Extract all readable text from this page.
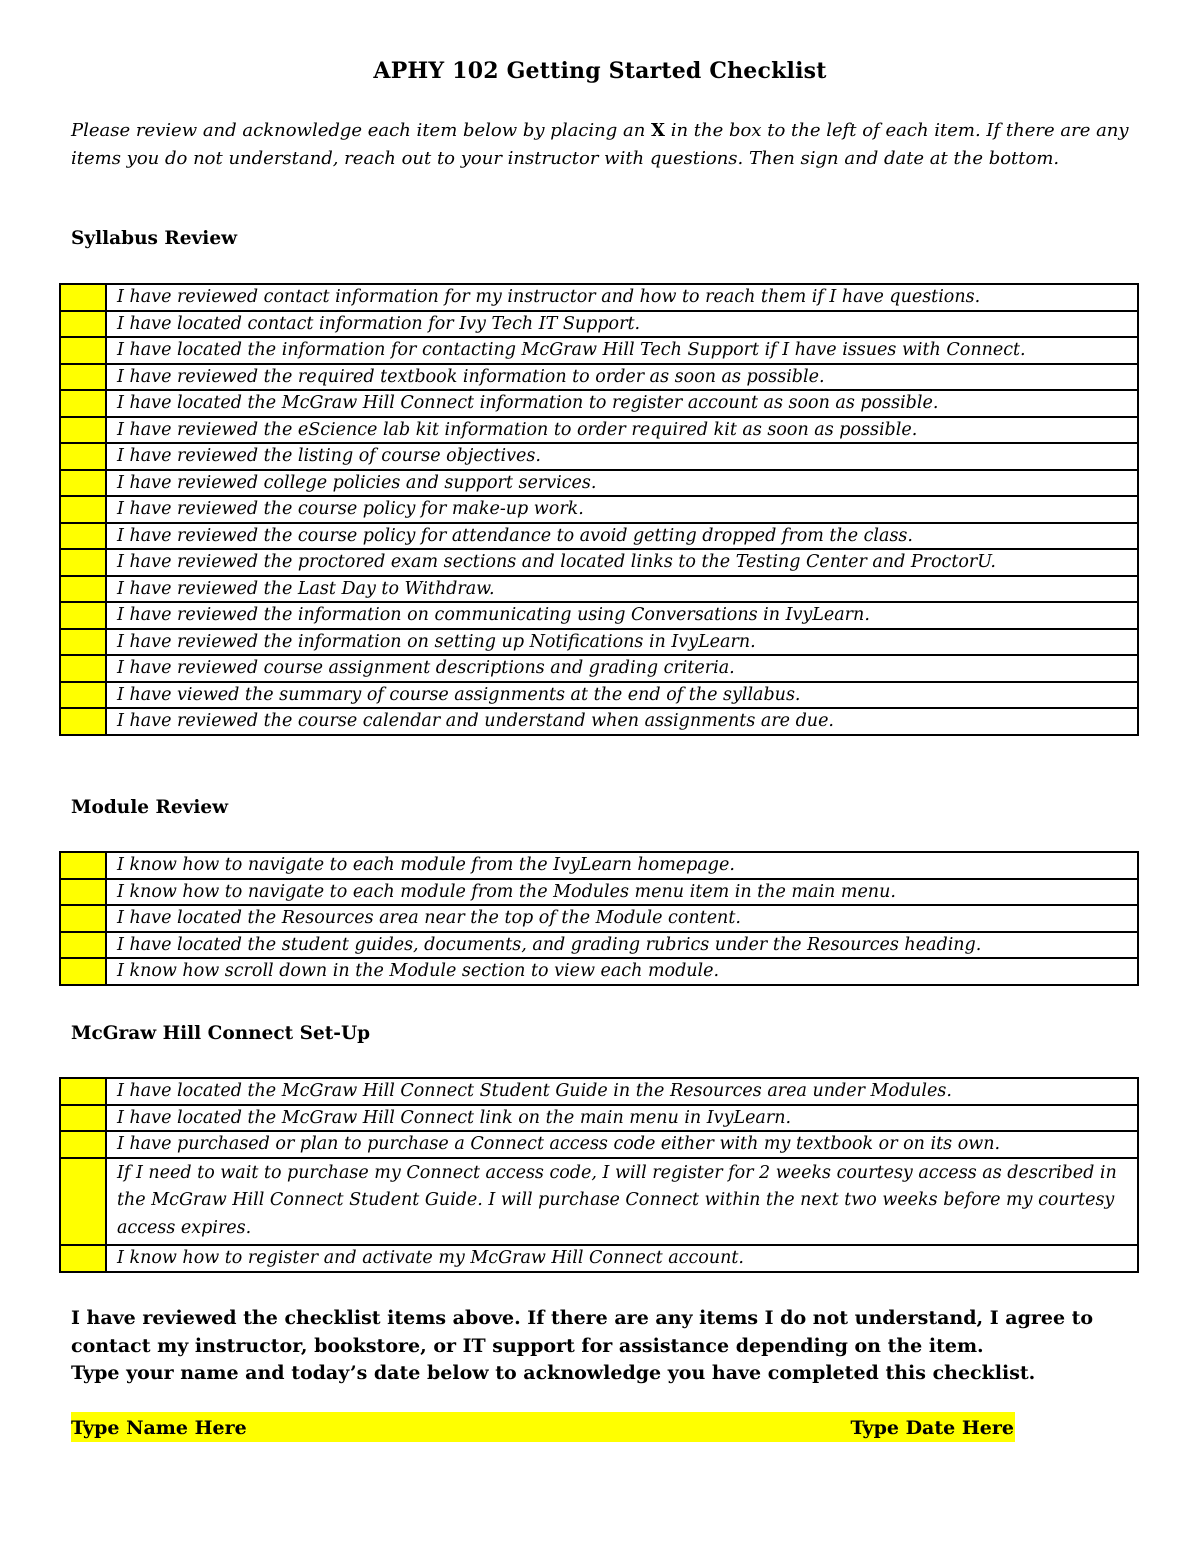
APHY 102 Getting Started Checklist
Please review and acknowledge each item below by placing an X in the box to the left of each item. If there are any items you do not understand, reach out to your instructor with questions. Then sign and date at the bottom.
Syllabus Review
	I have reviewed contact information for my instructor and how to reach them if I have questions.
	I have located contact information for Ivy Tech IT Support.
	I have located the information for contacting McGraw Hill Tech Support if I have issues with Connect.
	I have reviewed the required textbook information to order as soon as possible.
	I have located the McGraw Hill Connect information to register account as soon as possible.
	I have reviewed the eScience lab kit information to order required kit as soon as possible.
	I have reviewed the listing of course objectives.
	I have reviewed college policies and support services.
	I have reviewed the course policy for make-up work.
	I have reviewed the course policy for attendance to avoid getting dropped from the class.
	I have reviewed the proctored exam sections and located links to the Testing Center and ProctorU.
	I have reviewed the Last Day to Withdraw.
	I have reviewed the information on communicating using Conversations in IvyLearn.
	I have reviewed the information on setting up Notifications in IvyLearn.
	I have reviewed course assignment descriptions and grading criteria.
	I have viewed the summary of course assignments at the end of the syllabus.
	I have reviewed the course calendar and understand when assignments are due.
Module Review
	I know how to navigate to each module from the IvyLearn homepage.
	I know how to navigate to each module from the Modules menu item in the main menu.
	I have located the Resources area near the top of the Module content.
	I have located the student guides, documents, and grading rubrics under the Resources heading.
	I know how scroll down in the Module section to view each module.
McGraw Hill Connect Set-Up
	I have located the McGraw Hill Connect Student Guide in the Resources area under Modules.
	I have located the McGraw Hill Connect link on the main menu in IvyLearn.
	I have purchased or plan to purchase a Connect access code either with my textbook or on its own.
	If I need to wait to purchase my Connect access code, I will register for 2 weeks courtesy access as described in the McGraw Hill Connect Student Guide. I will purchase Connect within the next two weeks before my courtesy access expires.
	I know how to register and activate my McGraw Hill Connect account.
I have reviewed the checklist items above. If there are any items I do not understand, I agree to
contact my instructor, bookstore, or IT support for assistance depending on the item.
Type your name and today’s date below to acknowledge you have completed this checklist.
Type Name Here	Type Date Here
